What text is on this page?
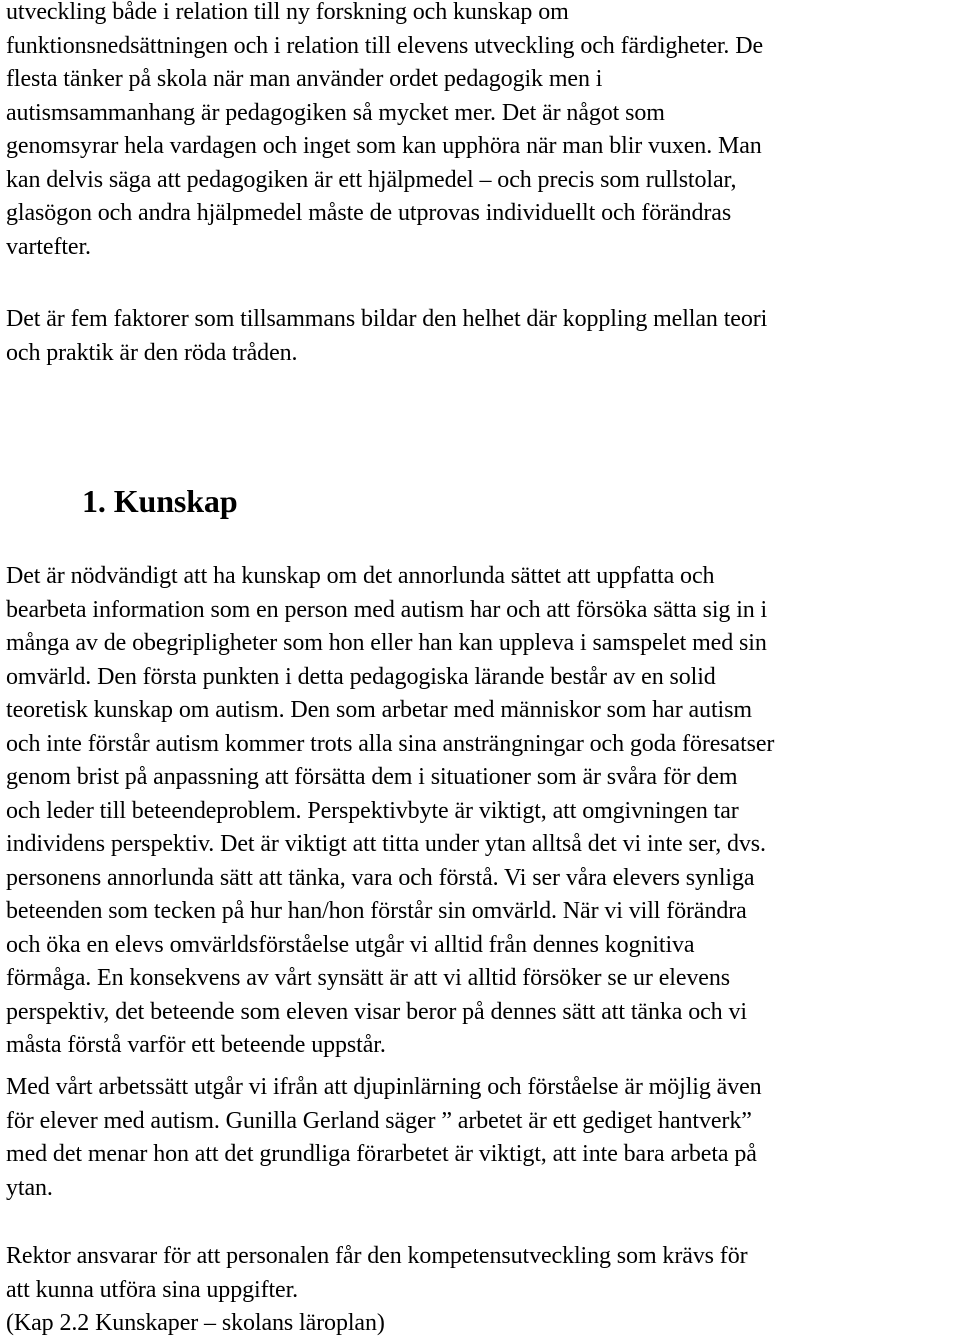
utveckling både i relation till ny forskning och kunskap om
funktionsnedsättningen och i relation till elevens utveckling och färdigheter. De
flesta tänker på skola när man använder ordet pedagogik men i
autismsammanhang är pedagogiken så mycket mer. Det är något som
genomsyrar hela vardagen och inget som kan upphöra när man blir vuxen. Man
kan delvis säga att pedagogiken är ett hjälpmedel – och precis som rullstolar,
glasögon och andra hjälpmedel måste de utprovas individuellt och förändras
vartefter.

Det är fem faktorer som tillsammans bildar den helhet där koppling mellan teori
och praktik är den röda tråden.

1. Kunskap

Det är nödvändigt att ha kunskap om det annorlunda sättet att uppfatta och
bearbeta information som en person med autism har och att försöka sätta sig in i
många av de obegripligheter som hon eller han kan uppleva i samspelet med sin
omvärld. Den första punkten i detta pedagogiska lärande består av en solid
teoretisk kunskap om autism. Den som arbetar med människor som har autism
och inte förstår autism kommer trots alla sina ansträngningar och goda föresatser
genom brist på anpassning att försätta dem i situationer som är svåra för dem
och leder till beteendeproblem. Perspektivbyte är viktigt, att omgivningen tar
individens perspektiv. Det är viktigt att titta under ytan alltså det vi inte ser, dvs.
personens annorlunda sätt att tänka, vara och förstå. Vi ser våra elevers synliga
beteenden som tecken på hur han/hon förstår sin omvärld. När vi vill förändra
och öka en elevs omvärldsförståelse utgår vi alltid från dennes kognitiva
förmåga. En konsekvens av vårt synsätt är att vi alltid försöker se ur elevens
perspektiv, det beteende som eleven visar beror på dennes sätt att tänka och vi
måsta förstå varför ett beteende uppstår.

Med vårt arbetssätt utgår vi ifrån att djupinlärning och förståelse är möjlig även
för elever med autism. Gunilla Gerland säger ” arbetet är ett gediget hantverk”
med det menar hon att det grundliga förarbetet är viktigt, att inte bara arbeta på
ytan.

Rektor ansvarar för att personalen får den kompetensutveckling som krävs för
att kunna utföra sina uppgifter.

(Kap 2.2 Kunskaper – skolans läroplan)
